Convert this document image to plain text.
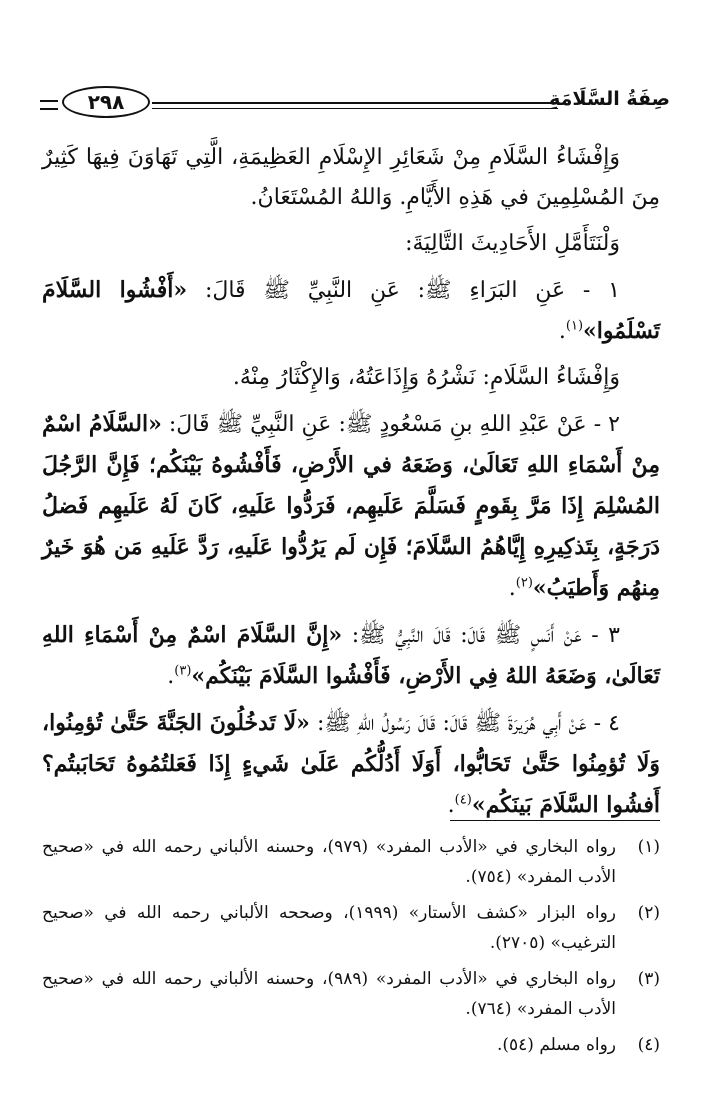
٢٩٨	صِفَةُ السَّلَامَةِ

وَإِفْشَاءُ السَّلَامِ مِنْ شَعَائِرِ الإِسْلَامِ العَظِيمَةِ، الَّتِي تَهَاوَنَ فِيهَا كَثِيرٌ مِنَ المُسْلِمِينَ في هَذِهِ الأَيَّامِ. وَاللهُ المُسْتَعَانُ.

وَلْنَتَأَمَّلِ الأَحَادِيثَ التَّالِيَةَ:

١ - عَنِ البَرَاءِ ﷺ: عَنِ النَّبِيِّ ﷺ قَالَ: «أَفْشُوا السَّلَامَ تَسْلَمُوا»$^{(١)}$.

وَإِفْشَاءُ السَّلَامِ: نَشْرُهُ وَإِذَاعَتُهُ، وَالإِكْثَارُ مِنْهُ.

٢ - عَنْ عَبْدِ اللهِ بنِ مَسْعُودٍ ﷺ: عَنِ النَّبِيِّ ﷺ قَالَ: «السَّلَامُ اسْمٌ مِنْ أَسْمَاءِ اللهِ تَعَالَىٰ، وَضَعَهُ في الأَرْضِ، فَأَفْشُوهُ بَيْنَكُم؛ فَإِنَّ الرَّجُلَ المُسْلِمَ إِذَا مَرَّ بِقَومٍ فَسَلَّمَ عَلَيهِم، فَرَدُّوا عَلَيهِ، كَانَ لَهُ عَلَيهِم فَضلُ دَرَجَةٍ، بِتَذكِيرِهِ إِيَّاهُمُ السَّلَامَ؛ فَإِن لَم يَرُدُّوا عَلَيهِ، رَدَّ عَلَيهِ مَن هُوَ خَيرٌ مِنهُم وَأَطيَبُ»$^{(٢)}$.

٣ - عَنْ أَنَسٍ ﷺ قَالَ: قَالَ النَّبِيُّ ﷺ: «إِنَّ السَّلَامَ اسْمٌ مِنْ أَسْمَاءِ اللهِ تَعَالَىٰ، وَضَعَهُ اللهُ فِي الأَرْضِ، فَأَفْشُوا السَّلَامَ بَيْنَكُم»$^{(٣)}$.

٤ - عَنْ أَبِي هُرَيرَةَ ﷺ قَالَ: قَالَ رَسُولُ اللهِ ﷺ: «لَا تَدخُلُونَ الجَنَّةَ حَتَّىٰ تُؤمِنُوا، وَلَا تُؤمِنُوا حَتَّىٰ تَحَابُّوا، أَوَلَا أَدُلُّكُم عَلَىٰ شَيءٍ إِذَا فَعَلتُمُوهُ تَحَابَبتُم؟ أَفشُوا السَّلَامَ بَينَكُم»$^{(٤)}$.

(١)
رواه البخاري في «الأدب المفرد» (٩٧٩)، وحسنه الألباني رحمه الله في «صحيح الأدب المفرد» (٧٥٤).
(٢)
رواه البزار «كشف الأستار» (١٩٩٩)، وصححه الألباني رحمه الله في «صحيح الترغيب» (٢٧٠٥).
(٣)
رواه البخاري في «الأدب المفرد» (٩٨٩)، وحسنه الألباني رحمه الله في «صحيح الأدب المفرد» (٧٦٤).
(٤)
رواه مسلم (٥٤).
